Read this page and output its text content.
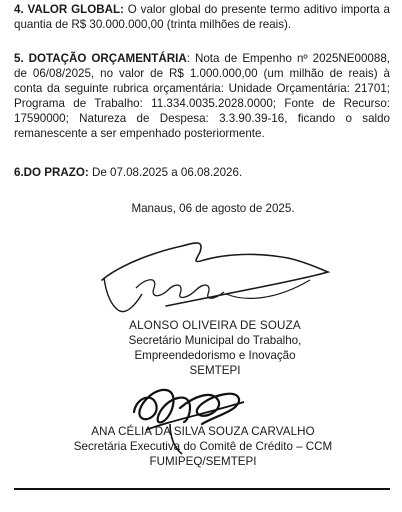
4. VALOR GLOBAL: O valor global do presente termo aditivo importa a quantia de R$ 30.000.000,00 (trinta milhões de reais).

5. DOTAÇÃO ORÇAMENTÁRIA: Nota de Empenho nº 2025NE00088, de 06/08/2025, no valor de R$ 1.000.000,00 (um milhão de reais) à conta da seguinte rubrica orçamentária: Unidade Orçamentária: 21701; Programa de Trabalho: 11.334.0035.2028.0000; Fonte de Recurso: 17590000; Natureza de Despesa: 3.3.90.39-16, ficando o saldo remanescente a ser empenhado posteriormente.

6.DO PRAZO: De 07.08.2025 a 06.08.2026.

Manaus, 06 de agosto de 2025.
ALONSO OLIVEIRA DE SOUZA
Secretário Municipal do Trabalho,
Empreendedorismo e Inovação
SEMTEPI
ANA CÉLIA DA SILVA SOUZA CARVALHO
Secretária Executiva do Comitê de Crédito – CCM
FUMIPEQ/SEMTEPI
